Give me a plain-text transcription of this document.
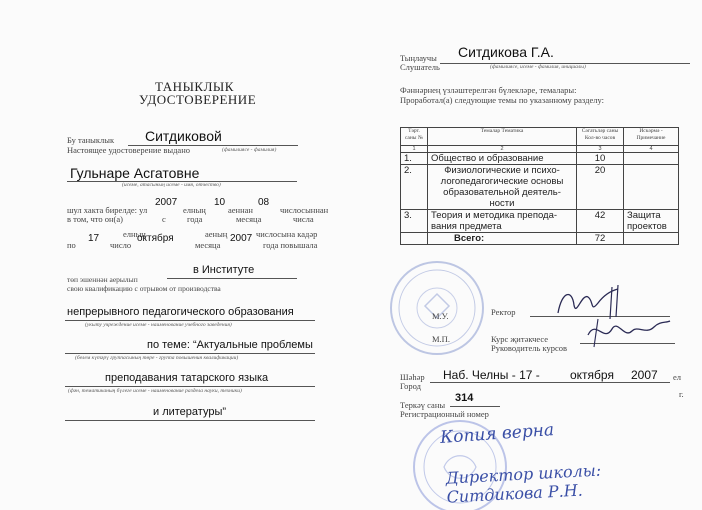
ТАНЫКЛЫК
УДОСТОВЕРЕНИЕ
Бу таныклык
Настоящее удостоверение выдано
Ситдиковой
(фамилиясе - фамилия)
Гульнаре Асгатовне
(исеме, атасының исеме - имя, отчество)
шул хакта бирелде: ул
2007
елның
10
аеннан
08
числосыннан
в том, что он(а)	с года	месяца	числа
елның	аеның	числосына кадәр
по
17
число
октября
месяца
2007
года повышала
в Институте
төп эшеннән аерылып
свою квалификацию с отрывом от производства
непрерывного педагогического образования
(укыту учреждение исеме - наименование учебного заведения)
по теме: “Актуальные проблемы
(белем күтәрү группасының төре - группа повышения квалификации)
преподавания татарского языка
(фән, тематиканың бүлеге исеме - наименование раздела науки, техники)
и литературы”
Тыңлаучы
Слушатель
Ситдикова Г.А.
(фамилиясе, исеме - фамилия, инициалы)
Фәннәрнең үзләштерелгән бүлекләре, темалары:
Проработал(а) следующие темы по указанному разделу:
Тәрт. саны №	Темалар Тематика	Сәгатьләр саны Кол-во часов	Искәрмә - Примечание
1	2	3	4
1.	Общество и образование	10	
2.	Физиологические и психо-логопедагогические основы образовательной деятель-ности	20	
3.	Теория и методика препода-вания предмета	42	Защита проектов
	Всего:	72	
М.У.
М.П.
Ректор
Курс җитәкчесе
Руководитель курсов
Шәһәр
Город
Наб. Челны - 17 -	октября 2007 ел
г.
Теркәү саны
Регистрационный номер
314
Копия верна
Директор школы: Ситдикова Р.Н.
